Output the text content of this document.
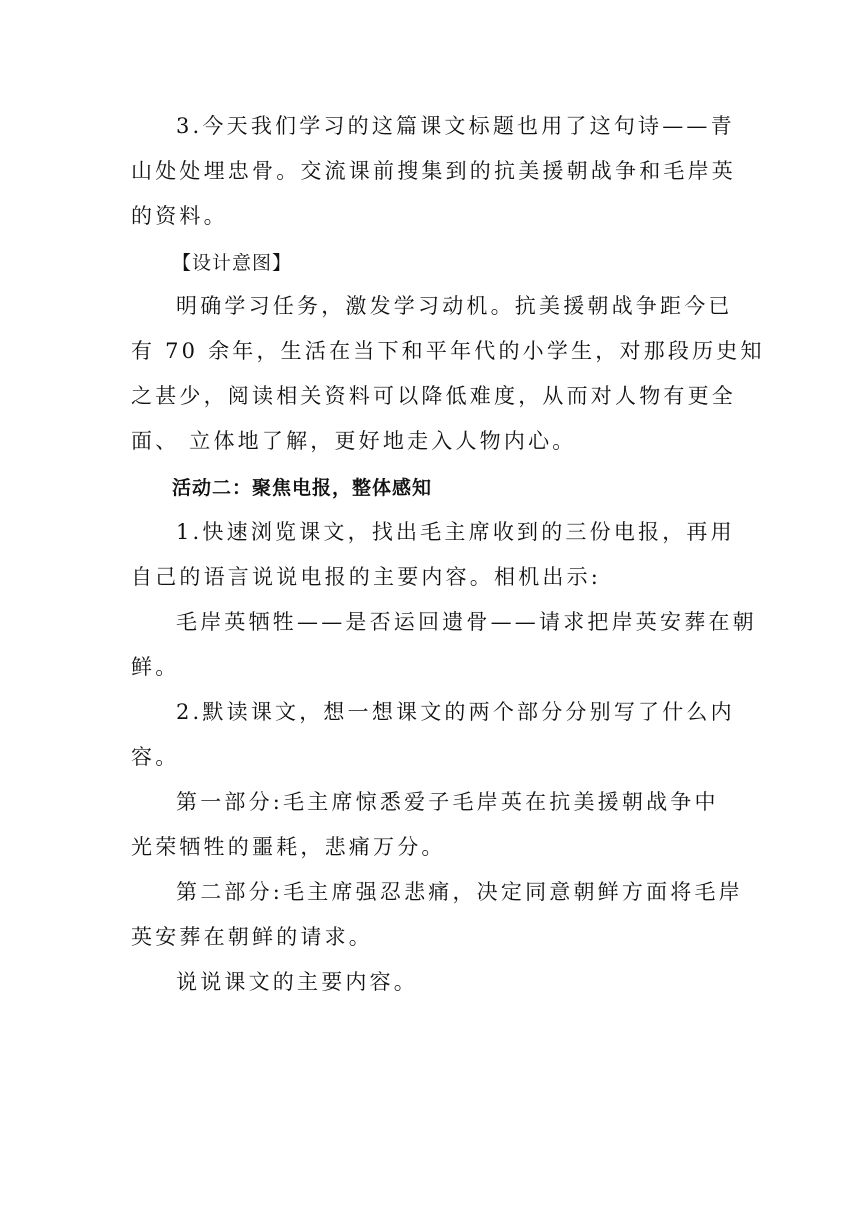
3.今天我们学习的这篇课文标题也用了这句诗——青
山处处埋忠骨。交流课前搜集到的抗美援朝战争和毛岸英
的资料。
【设计意图】
明确学习任务，激发学习动机。抗美援朝战争距今已
有 70 余年，生活在当下和平年代的小学生，对那段历史知
之甚少，阅读相关资料可以降低难度，从而对人物有更全
面、 立体地了解，更好地走入人物内心。
活动二：聚焦电报，整体感知
1.快速浏览课文，找出毛主席收到的三份电报，再用
自己的语言说说电报的主要内容。相机出示:
毛岸英牺牲——是否运回遗骨——请求把岸英安葬在朝
鲜。
2.默读课文，想一想课文的两个部分分别写了什么内
容。
第一部分:毛主席惊悉爱子毛岸英在抗美援朝战争中
光荣牺牲的噩耗，悲痛万分。
第二部分:毛主席强忍悲痛，决定同意朝鲜方面将毛岸
英安葬在朝鲜的请求。
说说课文的主要内容。
